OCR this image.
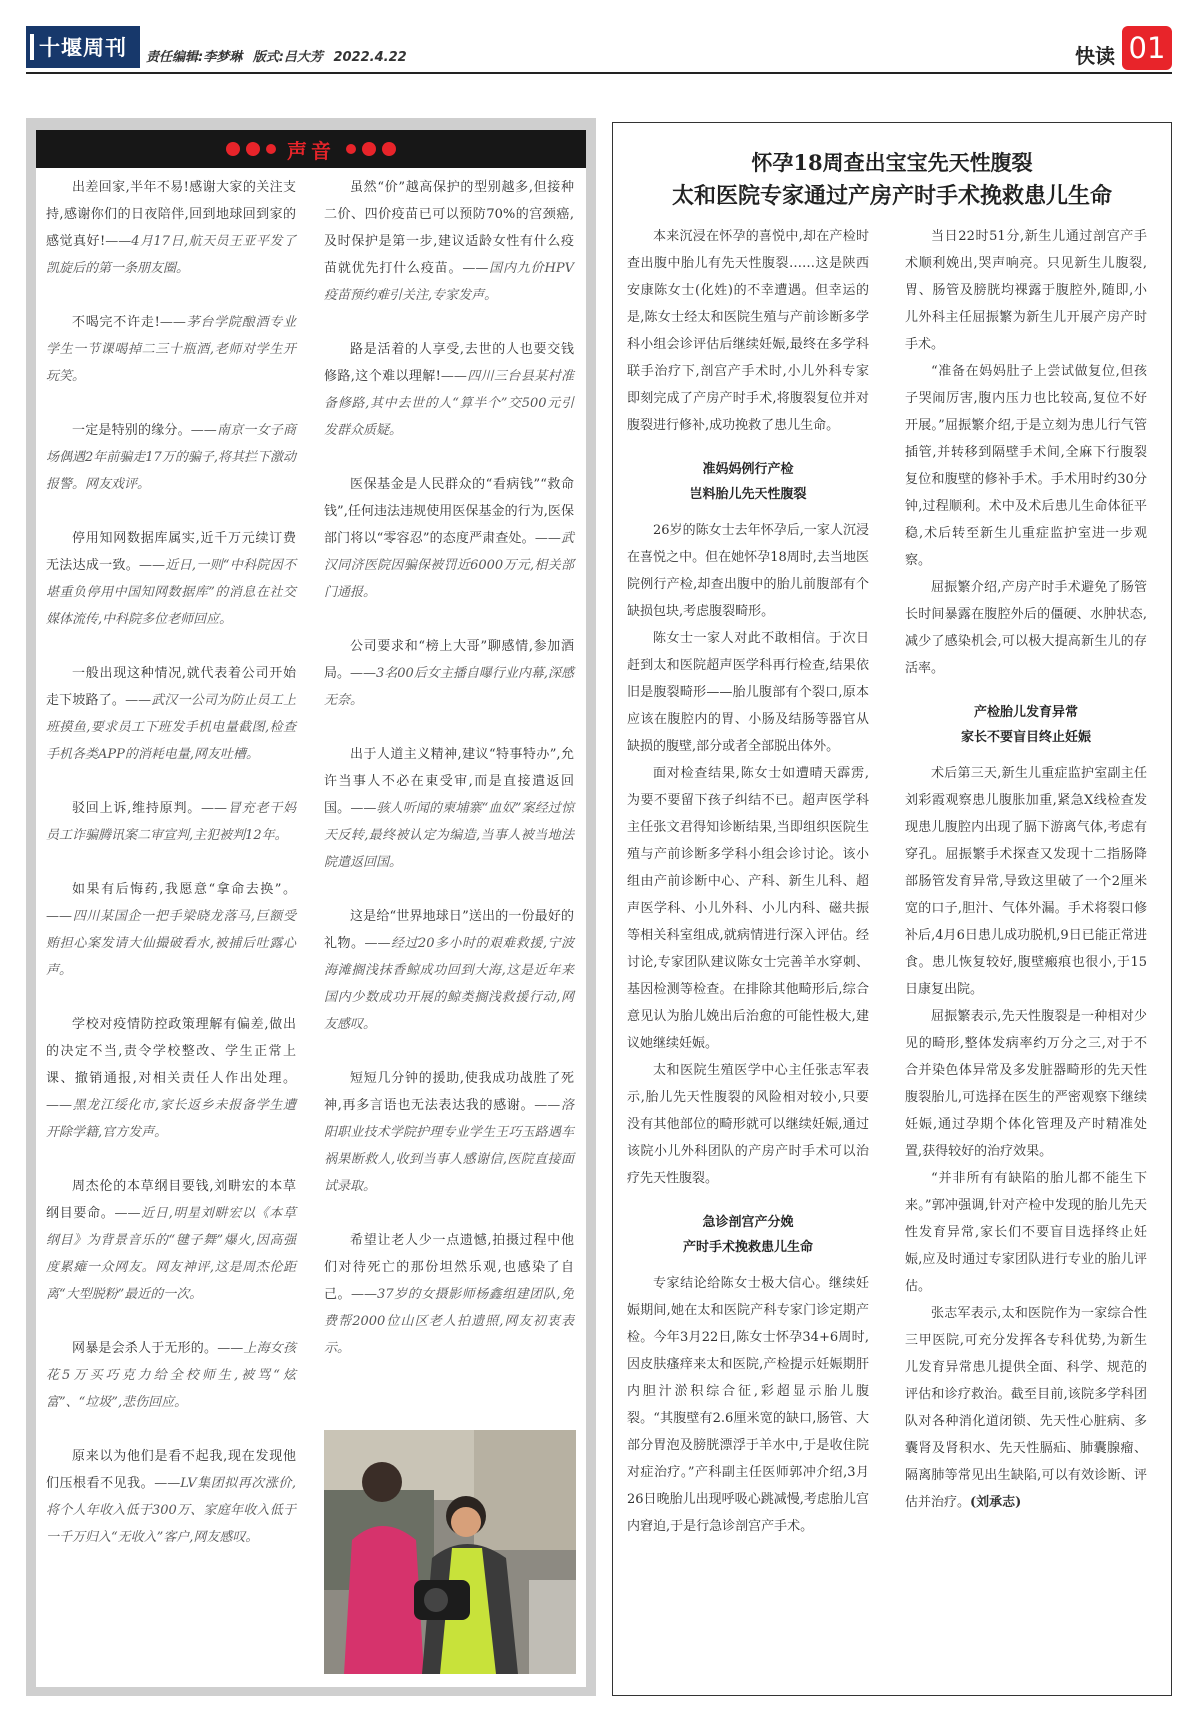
十堰周刊 责任编辑:李梦琳 版式:吕大芳 2022.4.22	快读 01
声音

出差回家,半年不易!感谢大家的关注支持,感谢你们的日夜陪伴,回到地球回到家的感觉真好!——4月17日,航天员王亚平发了凯旋后的第一条朋友圈。

不喝完不许走!——茅台学院酿酒专业学生一节课喝掉二三十瓶酒,老师对学生开玩笑。

一定是特别的缘分。——南京一女子商场偶遇2年前骗走17万的骗子,将其拦下激动报警。网友戏评。

停用知网数据库属实,近千万元续订费无法达成一致。——近日,一则“中科院因不堪重负停用中国知网数据库”的消息在社交媒体流传,中科院多位老师回应。

一般出现这种情况,就代表着公司开始走下坡路了。——武汉一公司为防止员工上班摸鱼,要求员工下班发手机电量截图,检查手机各类APP的消耗电量,网友吐槽。

驳回上诉,维持原判。——冒充老干妈员工诈骗腾讯案二审宣判,主犯被判12年。

如果有后悔药,我愿意“拿命去换”。——四川某国企一把手梁晓龙落马,巨额受贿担心案发请大仙撮破看水,被捕后吐露心声。

学校对疫情防控政策理解有偏差,做出的决定不当,责令学校整改、学生正常上课、撤销通报,对相关责任人作出处理。——黑龙江绥化市,家长返乡未报备学生遭开除学籍,官方发声。

周杰伦的本草纲目要钱,刘畊宏的本草纲目要命。——近日,明星刘畊宏以《本草纲目》为背景音乐的“毽子舞”爆火,因高强度累瘫一众网友。网友神评,这是周杰伦距离“大型脱粉”最近的一次。

网暴是会杀人于无形的。——上海女孩花5万买巧克力给全校师生,被骂“炫富”、“垃圾”,悲伤回应。

原来以为他们是看不起我,现在发现他们压根看不见我。——LV集团拟再次涨价,将个人年收入低于300万、家庭年收入低于一千万归入“无收入”客户,网友感叹。

虽然“价”越高保护的型别越多,但接种二价、四价疫苗已可以预防70%的宫颈癌,及时保护是第一步,建议适龄女性有什么疫苗就优先打什么疫苗。——国内九价HPV疫苗预约难引关注,专家发声。

路是活着的人享受,去世的人也要交钱修路,这个难以理解!——四川三台县某村准备修路,其中去世的人“算半个”交500元引发群众质疑。

医保基金是人民群众的“看病钱”“救命钱”,任何违法违规使用医保基金的行为,医保部门将以“零容忍”的态度严肃查处。——武汉同济医院因骗保被罚近6000万元,相关部门通报。

公司要求和“榜上大哥”聊感情,参加酒局。——3名00后女主播自曝行业内幕,深感无奈。

出于人道主义精神,建议“特事特办”,允许当事人不必在東受审,而是直接遣返回国。——骇人听闻的柬埔寨“血奴”案经过惊天反转,最终被认定为编造,当事人被当地法院遣返回国。

这是给“世界地球日”送出的一份最好的礼物。——经过20多小时的艰难救援,宁波海滩搁浅抹香鲸成功回到大海,这是近年来国内少数成功开展的鲸类搁浅救援行动,网友感叹。

短短几分钟的援助,使我成功战胜了死神,再多言语也无法表达我的感谢。——洛阳职业技术学院护理专业学生王巧玉路遇车祸果断救人,收到当事人感谢信,医院直接面试录取。

希望让老人少一点遗憾,拍摄过程中他们对待死亡的那份坦然乐观,也感染了自己。——37岁的女摄影师杨鑫组建团队,免费帮2000位山区老人拍遗照,网友初衷表示。

怀孕18周查出宝宝先天性腹裂
太和医院专家通过产房产时手术挽救患儿生命

本来沉浸在怀孕的喜悦中,却在产检时查出腹中胎儿有先天性腹裂……这是陕西安康陈女士(化姓)的不幸遭遇。但幸运的是,陈女士经太和医院生殖与产前诊断多学科小组会诊评估后继续妊娠,最终在多学科联手治疗下,剖宫产手术时,小儿外科专家即刻完成了产房产时手术,将腹裂复位并对腹裂进行修补,成功挽救了患儿生命。

准妈妈例行产检
岂料胎儿先天性腹裂

26岁的陈女士去年怀孕后,一家人沉浸在喜悦之中。但在她怀孕18周时,去当地医院例行产检,却查出腹中的胎儿前腹部有个缺损包块,考虑腹裂畸形。

陈女士一家人对此不敢相信。于次日赶到太和医院超声医学科再行检查,结果依旧是腹裂畸形——胎儿腹部有个裂口,原本应该在腹腔内的胃、小肠及结肠等器官从缺损的腹壁,部分或者全部脱出体外。

面对检查结果,陈女士如遭晴天霹雳,为要不要留下孩子纠结不已。超声医学科主任张文君得知诊断结果,当即组织医院生殖与产前诊断多学科小组会诊讨论。该小组由产前诊断中心、产科、新生儿科、超声医学科、小儿外科、小儿内科、磁共振等相关科室组成,就病情进行深入评估。经讨论,专家团队建议陈女士完善羊水穿刺、基因检测等检查。在排除其他畸形后,综合意见认为胎儿娩出后治愈的可能性极大,建议她继续妊娠。

太和医院生殖医学中心主任张志军表示,胎儿先天性腹裂的风险相对较小,只要没有其他部位的畸形就可以继续妊娠,通过该院小儿外科团队的产房产时手术可以治疗先天性腹裂。

急诊剖宫产分娩
产时手术挽救患儿生命

专家结论给陈女士极大信心。继续妊娠期间,她在太和医院产科专家门诊定期产检。今年3月22日,陈女士怀孕34+6周时,因皮肤瘙痒来太和医院,产检提示妊娠期肝内胆汁淤积综合征,彩超显示胎儿腹裂。“其腹壁有2.6厘米宽的缺口,肠管、大部分胃泡及膀胱漂浮于羊水中,于是收住院对症治疗。”产科副主任医师郭冲介绍,3月26日晚胎儿出现呼吸心跳减慢,考虑胎儿宫内窘迫,于是行急诊剖宫产手术。

当日22时51分,新生儿通过剖宫产手术顺利娩出,哭声响亮。只见新生儿腹裂,胃、肠管及膀胱均裸露于腹腔外,随即,小儿外科主任屈振繁为新生儿开展产房产时手术。

“准备在妈妈肚子上尝试做复位,但孩子哭闹厉害,腹内压力也比较高,复位不好开展。”屈振繁介绍,于是立刻为患儿行气管插管,并转移到隔壁手术间,全麻下行腹裂复位和腹壁的修补手术。手术用时约30分钟,过程顺利。术中及术后患儿生命体征平稳,术后转至新生儿重症监护室进一步观察。

屈振繁介绍,产房产时手术避免了肠管长时间暴露在腹腔外后的僵硬、水肿状态,减少了感染机会,可以极大提高新生儿的存活率。

产检胎儿发育异常
家长不要盲目终止妊娠

术后第三天,新生儿重症监护室副主任刘彩霞观察患儿腹胀加重,紧急X线检查发现患儿腹腔内出现了膈下游离气体,考虑有穿孔。屈振繁手术探查又发现十二指肠降部肠管发育异常,导致这里破了一个2厘米宽的口子,胆汁、气体外漏。手术将裂口修补后,4月6日患儿成功脱机,9日已能正常进食。患儿恢复较好,腹壁瘢痕也很小,于15日康复出院。

屈振繁表示,先天性腹裂是一种相对少见的畸形,整体发病率约万分之三,对于不合并染色体异常及多发脏器畸形的先天性腹裂胎儿,可选择在医生的严密观察下继续妊娠,通过孕期个体化管理及产时精准处置,获得较好的治疗效果。

“并非所有有缺陷的胎儿都不能生下来。”郭冲强调,针对产检中发现的胎儿先天性发育异常,家长们不要盲目选择终止妊娠,应及时通过专家团队进行专业的胎儿评估。

张志军表示,太和医院作为一家综合性三甲医院,可充分发挥各专科优势,为新生儿发育异常患儿提供全面、科学、规范的评估和诊疗救治。截至目前,该院多学科团队对各种消化道闭锁、先天性心脏病、多囊肾及肾积水、先天性膈疝、肺囊腺瘤、隔离肺等常见出生缺陷,可以有效诊断、评估并治疗。(刘承志)
